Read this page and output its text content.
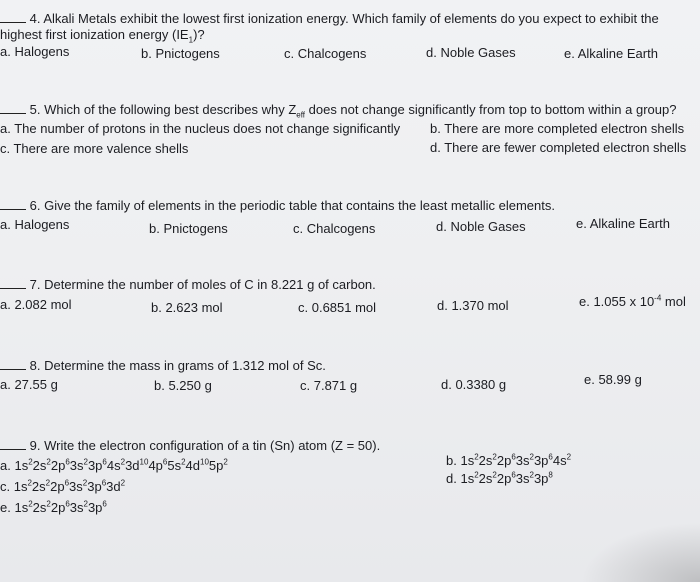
4. Alkali Metals exhibit the lowest first ionization energy. Which family of elements do you expect to exhibit the
highest first ionization energy $(IE_1)$?
a. Halogens	b. Pnictogens	c. Chalcogens	d. Noble Gases	e. Alkaline Earth
5. Which of the following best describes why $Z_{eff}$ does not change significantly from top to bottom within a group?
a. The number of protons in the nucleus does not change significantly b. There are more completed electron shells
c. There are more valence shells	d. There are fewer completed electron shells
6. Give the family of elements in the periodic table that contains the least metallic elements.
a. Halogens	b. Pnictogens	c. Chalcogens	d. Noble Gases	e. Alkaline Earth
7. Determine the number of moles of C in 8.221 g of carbon.
a. 2.082 mol	b. 2.623 mol	c. 0.6851 mol	d. 1.370 mol	e. 1.055 x $10^{-4}$ mol
8. Determine the mass in grams of 1.312 mol of Sc.
a. 27.55 g	b. 5.250 g	c. 7.871 g	d. 0.3380 g	e. 58.99 g
9. Write the electron configuration of a tin (Sn) atom (Z = 50).
a. $1s^22s^22p^63s^23p^64s^23d^{10}4p^65s^24d^{10}5p^2$	b. $1s^22s^22p^63s^23p^64s^2$
c. $1s^22s^22p^63s^23p^63d^2$	d. $1s^22s^22p^63s^23p^8$
e. $1s^22s^22p^63s^23p^6$
